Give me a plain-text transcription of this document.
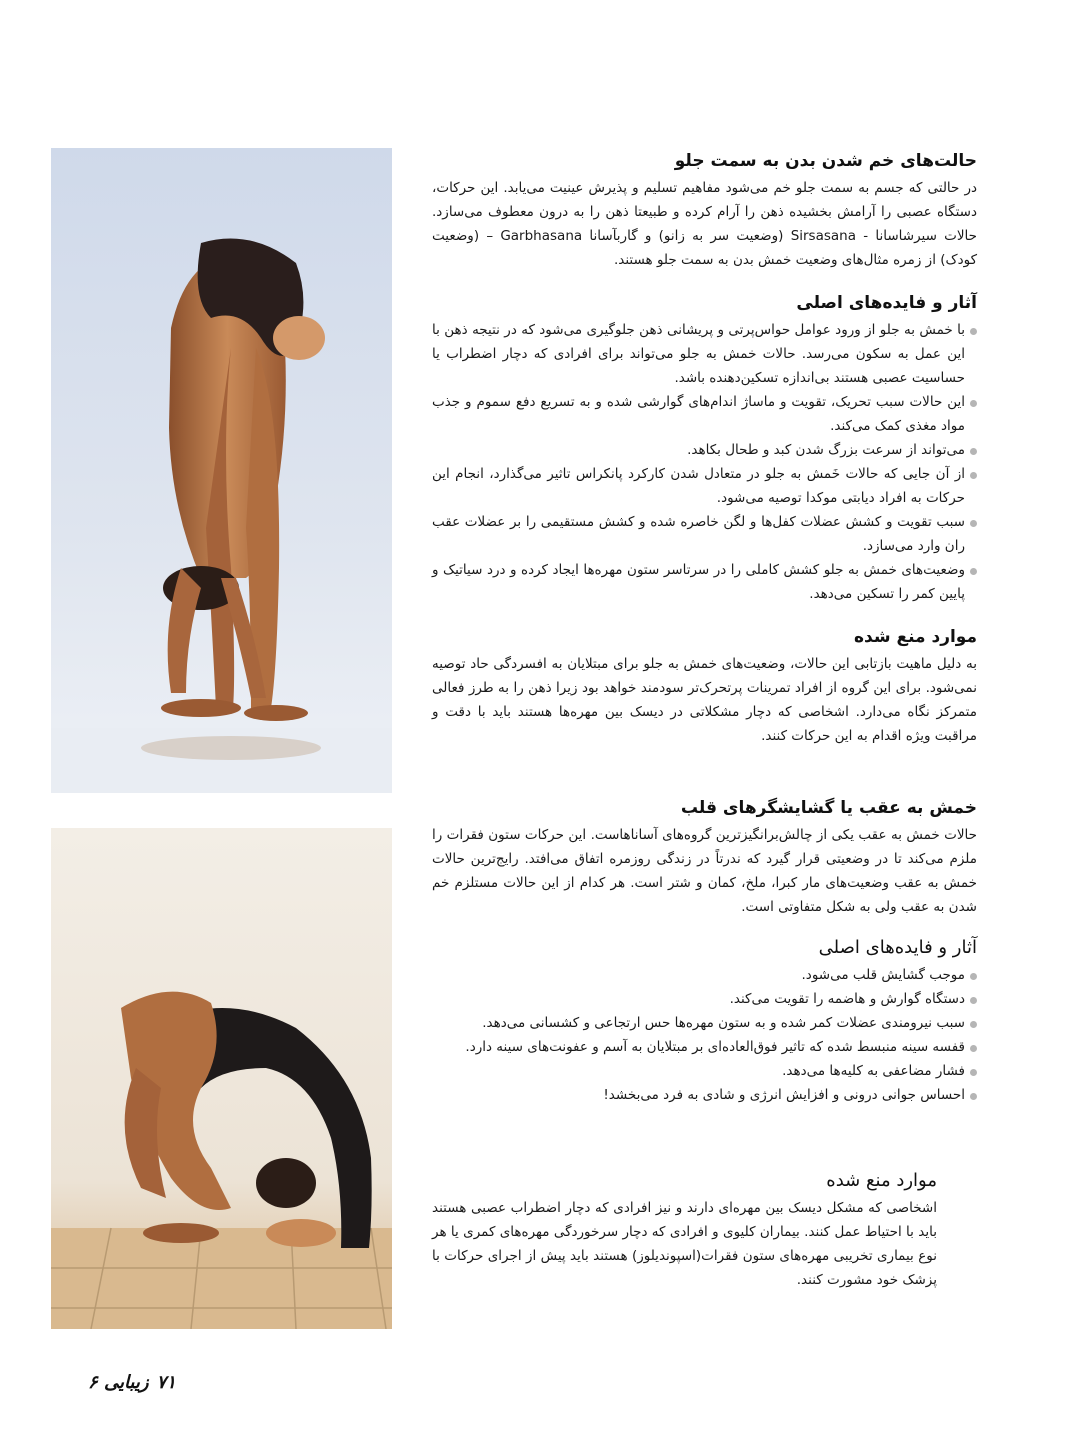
حالت‌های خم شدن بدن به سمت جلو

در حالتی که جسم به سمت جلو خم می‌شود مفاهیم تسلیم و پذیرش عینیت می‌یابد. این حرکات، دستگاه عصبی را آرامش بخشیده ذهن را آرام کرده و طبیعتا ذهن را به درون معطوف می‌سازد. حالات سیرشاسانا - Sirsasana (وضعیت سر به زانو) و گاربآسانا Garbhasana – (وضعیت کودک) از زمره مثال‌های وضعیت خمش بدن به سمت جلو هستند.

آثار و فایده‌های اصلی
با خمش به جلو از ورود عوامل حواس‌پرتی و پریشانی ذهن جلوگیری می‌شود که در نتیجه ذهن با این عمل به سکون می‌رسد. حالات خمش به جلو می‌تواند برای افرادی که دچار اضطراب یا حساسیت عصبی هستند بی‌اندازه تسکین‌دهنده باشد.
این حالات سبب تحریک، تقویت و ماساژ اندام‌های گوارشی شده و به تسریع دفع سموم و جذب مواد مغذی کمک می‌کند.
می‌تواند از سرعت بزرگ شدن کبد و طحال بکاهد.
از آن جایی که حالات خَمش به جلو در متعادل شدن کارکرد پانکراس تاثیر می‌گذارد، انجام این حرکات به افراد دیابتی موکدا توصیه می‌شود.
سبب تقویت و کشش عضلات کفل‌ها و لگن خاصره شده و کشش مستقیمی را بر عضلات عقب ران وارد می‌سازد.
وضعیت‌های خمش به جلو کشش کاملی را در سرتاسر ستون مهره‌ها ایجاد کرده و درد سیاتیک و پایین کمر را تسکین می‌دهد.
موارد منع شده

به دلیل ماهیت بازتابی این حالات، وضعیت‌های خمش به جلو برای مبتلایان به افسردگی حاد توصیه نمی‌شود. برای این گروه از افراد تمرینات پرتحرک‌تر سودمند خواهد بود زیرا ذهن را به طرز فعالی متمرکز نگاه می‌دارد. اشخاصی که دچار مشکلاتی در دیسک بین مهره‌ها هستند باید با دقت و مراقبت ویژه اقدام به این حرکات کنند.

خمش به عقب یا گشایشگرهای قلب

حالات خمش به عقب یکی از چالش‌برانگیزترین گروه‌های آساناهاست. این حرکات ستون فقرات را ملزم می‌کند تا در وضعیتی قرار گیرد که ندرتاً در زندگی روزمره اتفاق می‌افتد. رایج‌ترین حالات خمش به عقب وضعیت‌های مار کبرا، ملخ، کمان و شتر است. هر کدام از این حالات مستلزم خم شدن به عقب ولی به شکل متفاوتی است.

آثار و فایده‌های اصلی
موجب گشایش قلب می‌شود.
دستگاه گوارش و هاضمه را تقویت می‌کند.
سبب نیرومندی عضلات کمر شده و به ستون مهره‌ها حس ارتجاعی و کشسانی می‌دهد.
قفسه سینه منبسط شده که تاثیر فوق‌العاده‌ای بر مبتلایان به آسم و عفونت‌های سینه دارد.
فشار مضاعفی به کلیه‌ها می‌دهد.
احساس جوانی درونی و افزایش انرژی و شادی به فرد می‌بخشد!
موارد منع شده

اشخاصی که مشکل دیسک بین مهره‌ای دارند و نیز افرادی که دچار اضطراب عصبی هستند باید با احتیاط عمل کنند. بیماران کلیوی و افرادی که دچار سرخوردگی مهره‌های کمری یا هر نوع بیماری تخریبی مهره‌های ستون فقرات(اسپوندیلوز) هستند باید پیش از اجرای حرکات با پزشک خود مشورت کنند.

۷۱
زیبایی ۶
